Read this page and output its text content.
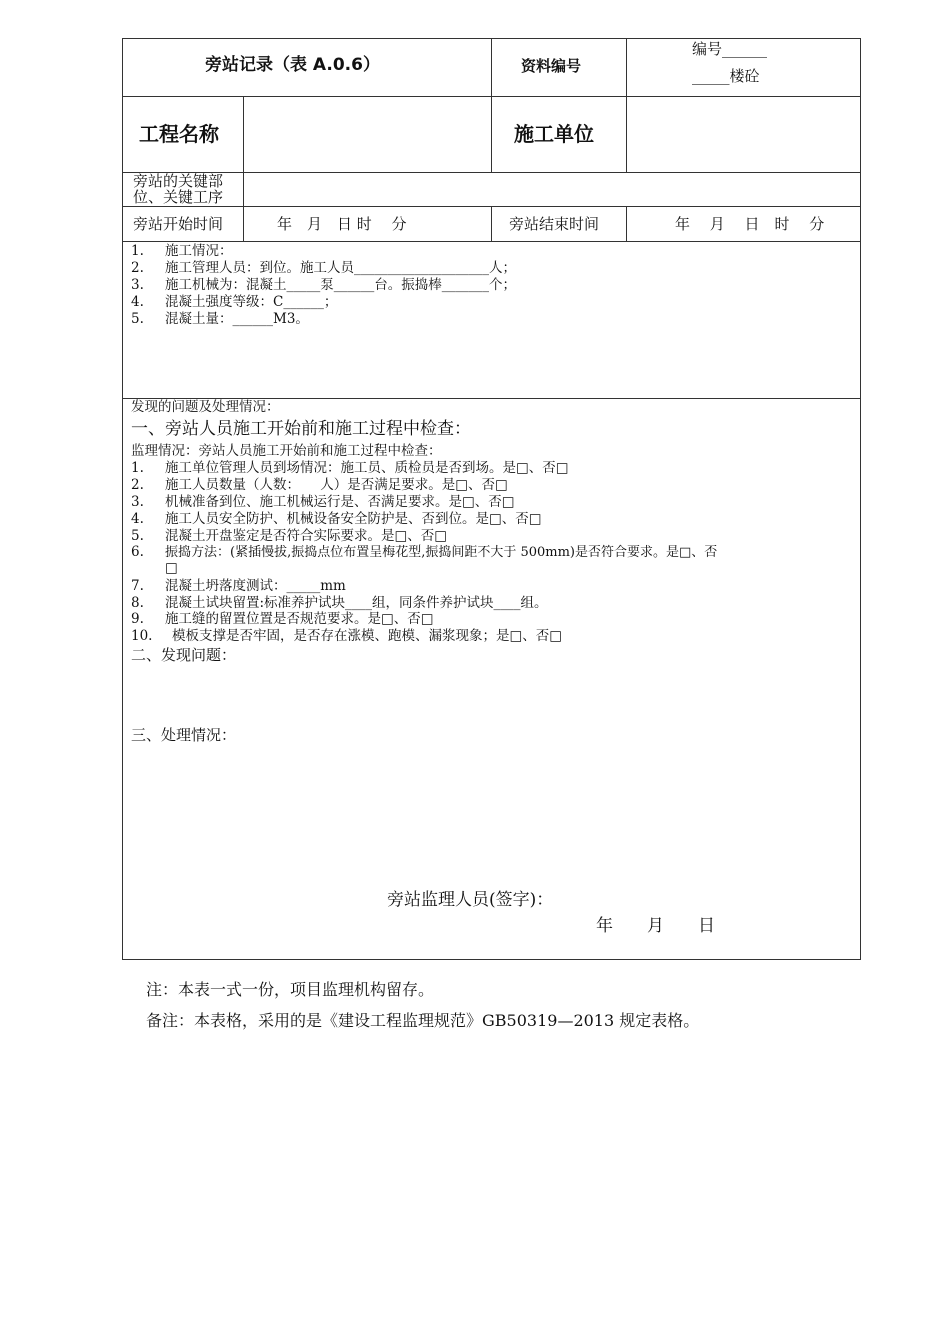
旁站记录（表 A.0.6）	资料编号
编号______
_____楼砼
工程名称	施工单位
旁站的关键部
位、关键工序
旁站开始时间	年　月　日 时　 分	旁站结束时间	年　 月　 日　时　 分
1. 施工情况：
2. 施工管理人员：到位。施工人员____________________人；
3. 施工机械为：混凝土_____泵______台。振捣棒_______个；
4. 混凝土强度等级：C______；
5. 混凝土量：______M3。
发现的问题及处理情况：
一、旁站人员施工开始前和施工过程中检查：
监理情况：旁站人员施工开始前和施工过程中检查：
1. 施工单位管理人员到场情况：施工员、质检员是否到场。是□、否□
2. 施工人员数量（人数：　　人）是否满足要求。是□、否□
3. 机械准备到位、施工机械运行是、否满足要求。是□、否□
4. 施工人员安全防护、机械设备安全防护是、否到位。是□、否□
5. 混凝土开盘鉴定是否符合实际要求。是□、否□
6. 振捣方法：(紧插慢拔,振捣点位布置呈梅花型,振捣间距不大于 500mm)是否符合要求。是□、否
□
7. 混凝土坍落度测试：_____mm
8. 混凝土试块留置:标准养护试块____组，同条件养护试块____组。
9. 施工缝的留置位置是否规范要求。是□、否□
10. 模板支撑是否牢固，是否存在涨模、跑模、漏浆现象；是□、否□
二、发现问题：
三、处理情况：
旁站监理人员(签字)：
年　　月　　日
注：本表一式一份，项目监理机构留存。
备注：本表格，采用的是《建设工程监理规范》GB50319—2013 规定表格。
